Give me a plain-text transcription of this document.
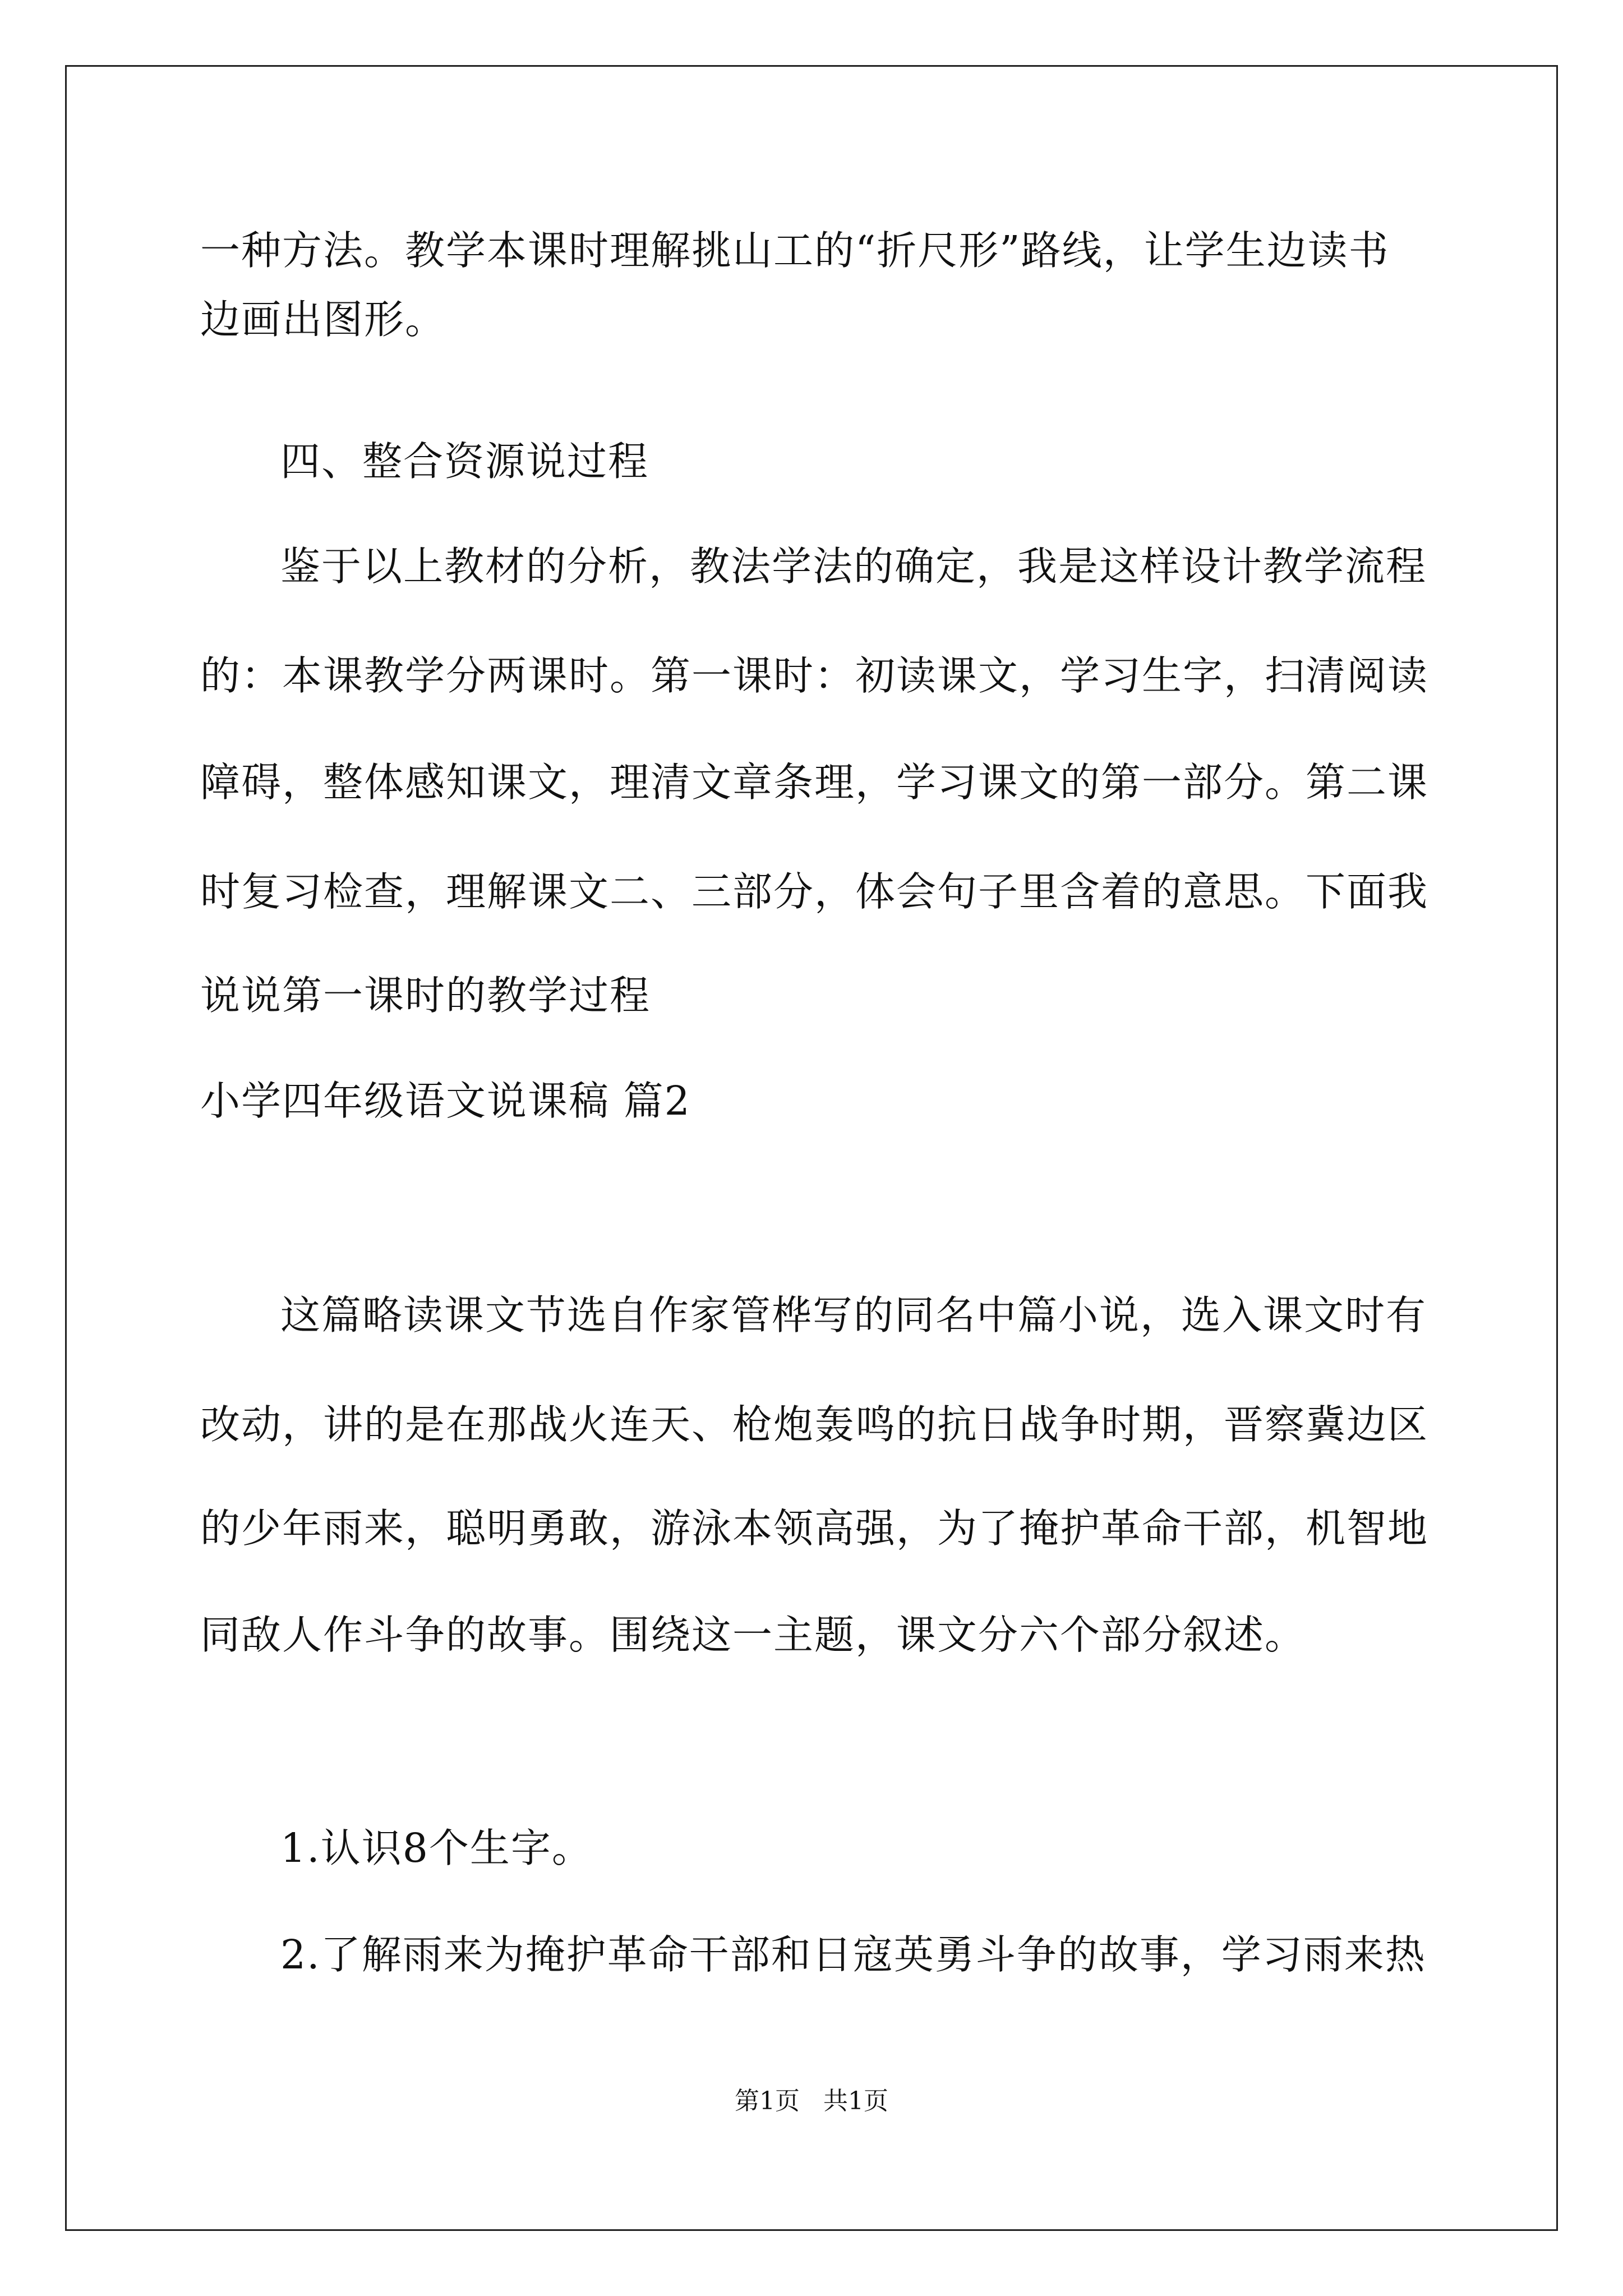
一种方法。教学本课时理解挑山工的“折尺形”路线，让学生边读书
边画出图形。
四、整合资源说过程
鉴于以上教材的分析，教法学法的确定，我是这样设计教学流程
的：本课教学分两课时。第一课时：初读课文，学习生字，扫清阅读
障碍，整体感知课文，理清文章条理，学习课文的第一部分。第二课
时复习检查，理解课文二、三部分，体会句子里含着的意思。下面我
说说第一课时的教学过程
小学四年级语文说课稿 篇2
这篇略读课文节选自作家管桦写的同名中篇小说，选入课文时有
改动，讲的是在那战火连天、枪炮轰鸣的抗日战争时期，晋察冀边区
的少年雨来，聪明勇敢，游泳本领高强，为了掩护革命干部，机智地
同敌人作斗争的故事。围绕这一主题，课文分六个部分叙述。
1.认识8个生字。
2.了解雨来为掩护革命干部和日寇英勇斗争的故事，学习雨来热
第1页   共1页
